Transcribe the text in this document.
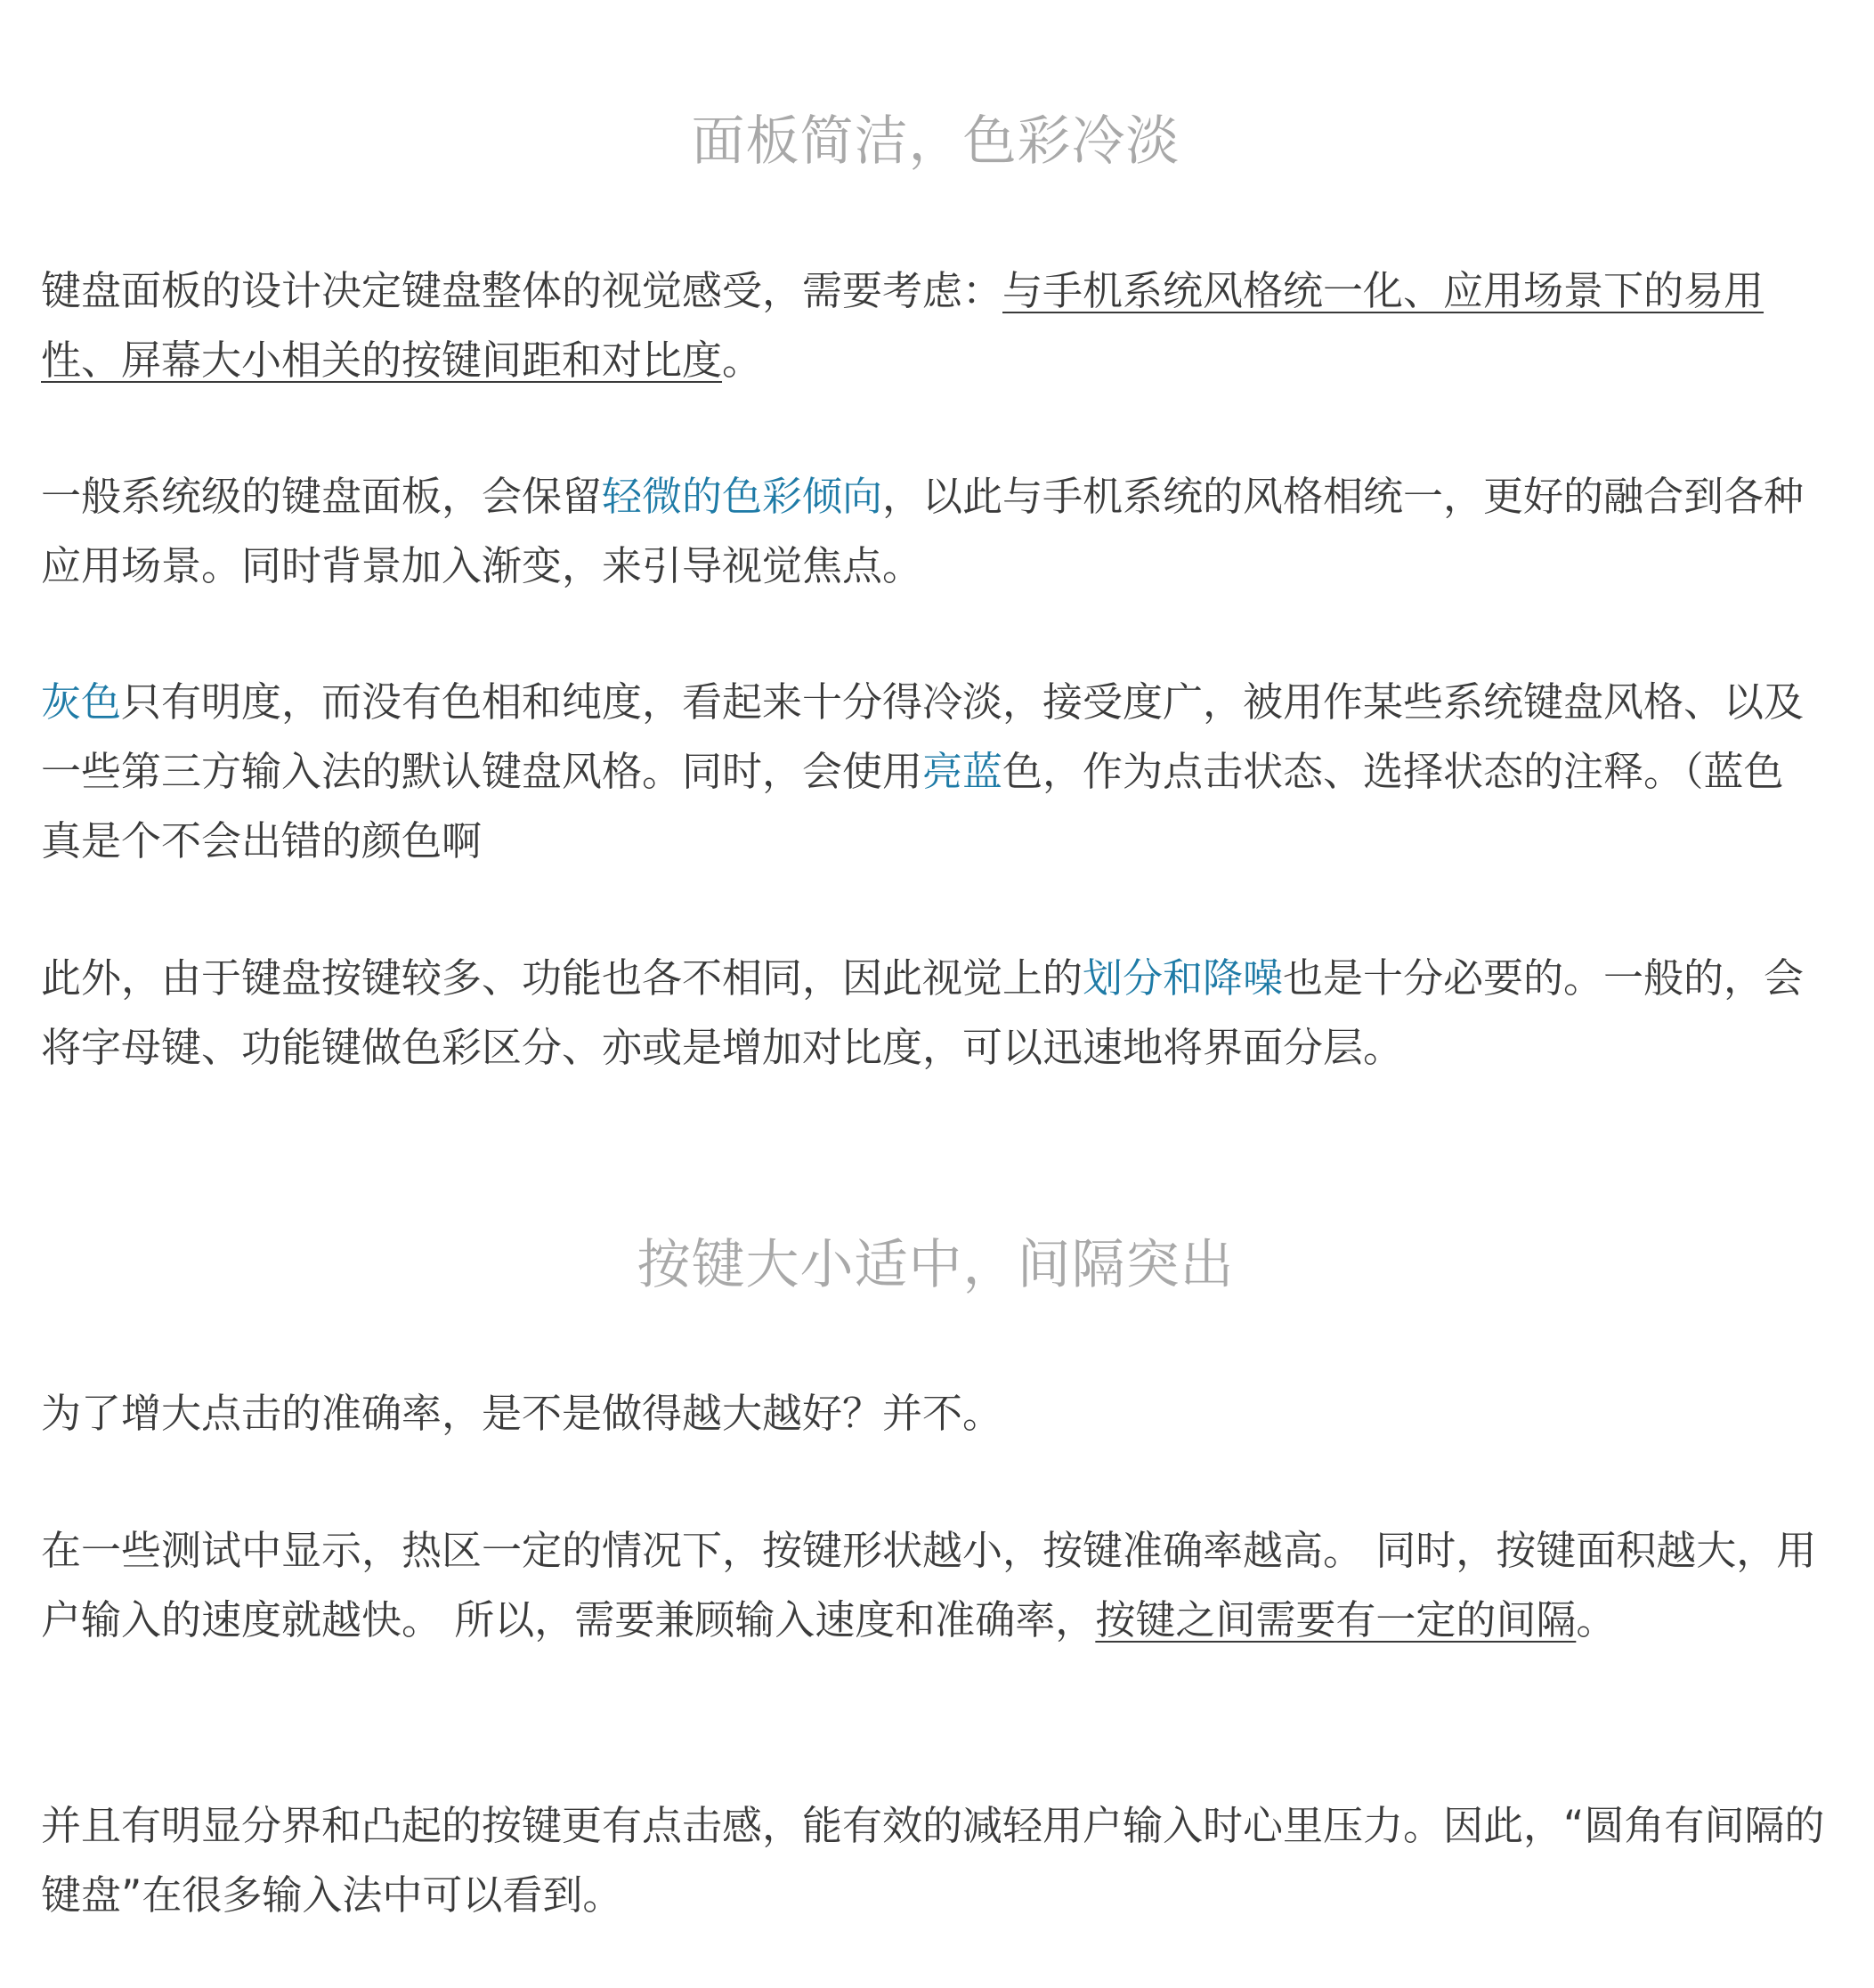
面板简洁，色彩冷淡

键盘面板的设计决定键盘整体的视觉感受，需要考虑：与手机系统风格统一化、应用场景下的易用性、屏幕大小相关的按键间距和对比度。

一般系统级的键盘面板，会保留轻微的色彩倾向，以此与手机系统的风格相统一，更好的融合到各种应用场景。同时背景加入渐变，来引导视觉焦点。

灰色只有明度，而没有色相和纯度，看起来十分得冷淡，接受度广，被用作某些系统键盘风格、以及一些第三方输入法的默认键盘风格。同时，会使用亮蓝色，作为点击状态、选择状态的注释。（蓝色真是个不会出错的颜色啊

此外，由于键盘按键较多、功能也各不相同，因此视觉上的划分和降噪也是十分必要的。一般的，会将字母键、功能键做色彩区分、亦或是增加对比度，可以迅速地将界面分层。

按键大小适中，间隔突出

为了增大点击的准确率，是不是做得越大越好？并不。

在一些测试中显示，热区一定的情况下，按键形状越小，按键准确率越高。 同时，按键面积越大，用户输入的速度就越快。 所以，需要兼顾输入速度和准确率，按键之间需要有一定的间隔。

并且有明显分界和凸起的按键更有点击感，能有效的减轻用户输入时心里压力。因此，“圆角有间隔的键盘”在很多输入法中可以看到。
